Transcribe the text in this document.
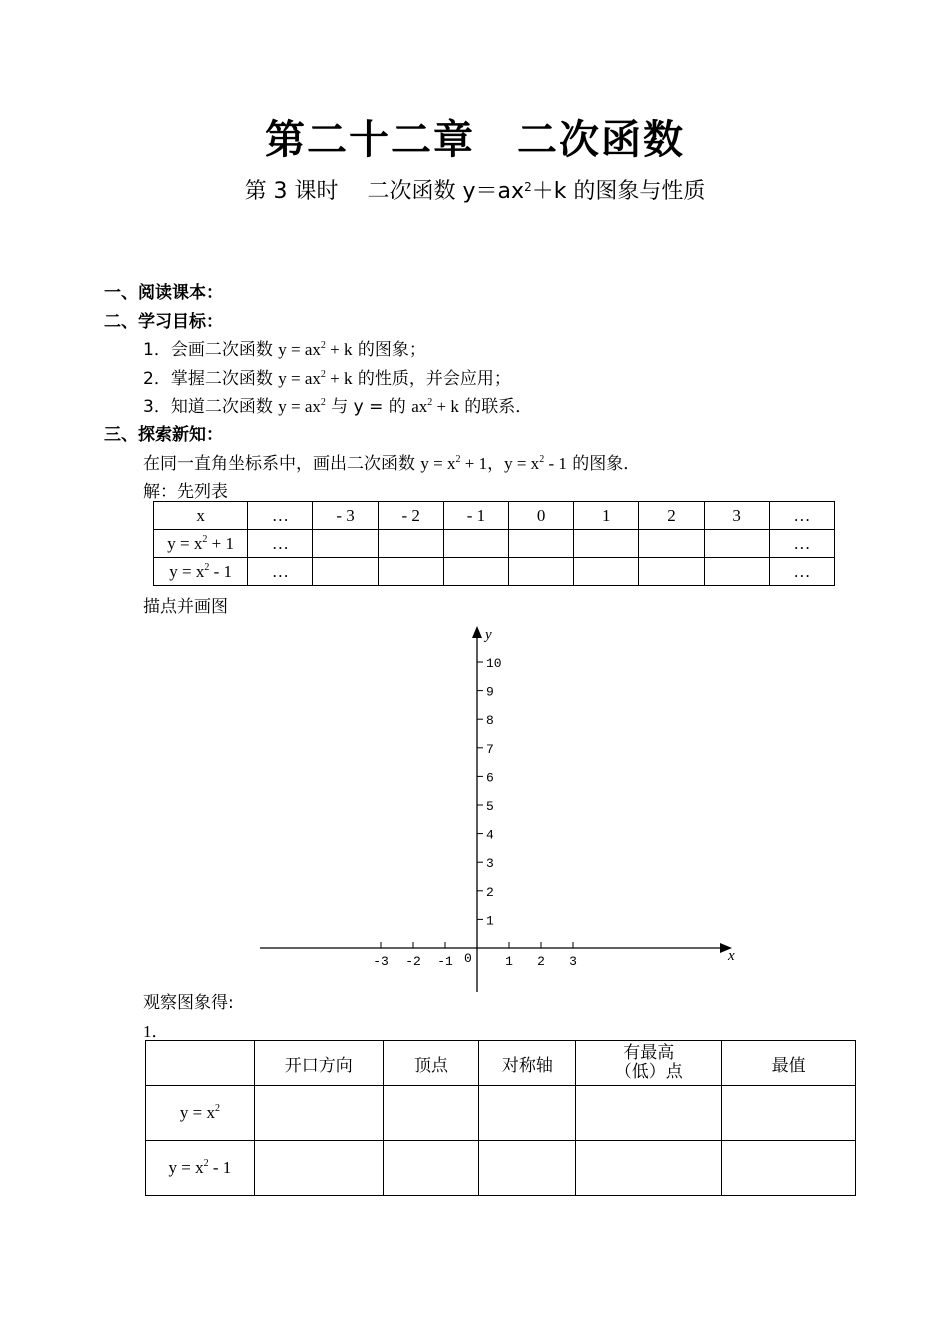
第二十二章　二次函数
第 3 课时　 二次函数 $y=ax^2+k$ 的图象与性质
一、阅读课本：
二、学习目标：
1．会画二次函数 $y = ax^2 + k$ 的图象；
2．掌握二次函数 $y = ax^2 + k$ 的性质，并会应用；
3．知道二次函数 $y = ax^2$ 与 y = 的 $ax^2 + k$ 的联系．
三、探索新知：
在同一直角坐标系中，画出二次函数 $y = x^2 + 1$，$y = x^2 - 1$ 的图象．
解：先列表
x	…	- 3	- 2	- 1	0	1	2	3	…
$y = x^2 + 1$	…								…
$y = x^2 - 1$	…								…
描点并画图
x
y
0
-3 -2 -1	1 2 3
1
2
3
4
5
6
7
8
9
10
观察图象得:
1．
	开口方向	顶点	对称轴	有最高（低）点	最值
$y = x^2$					
$y = x^2 - 1$					
